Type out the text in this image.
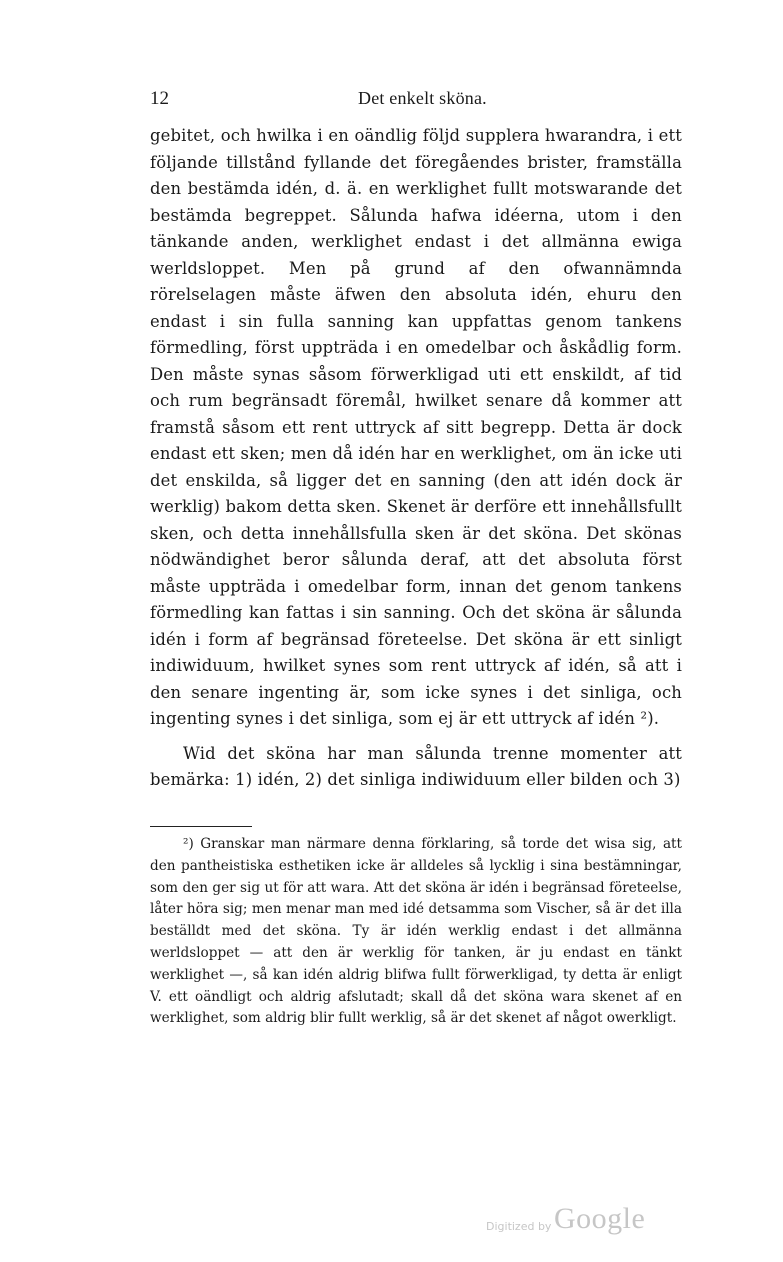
12	Det enkelt sköna.

gebitet, och hwilka i en oändlig följd supplera hwarandra, i ett följande tillstånd fyllande det föregåendes brister, framställa den bestämda idén, d. ä. en werklighet fullt motswarande det bestämda begreppet. Sålunda hafwa idéerna, utom i den tänkande anden, werklighet endast i det allmänna ewiga werldsloppet. Men på grund af den ofwannämnda rörelselagen måste äfwen den absoluta idén, ehuru den endast i sin fulla sanning kan uppfattas genom tankens förmedling, först uppträda i en omedelbar och åskådlig form. Den måste synas såsom förwerkligad uti ett enskildt, af tid och rum begränsadt föremål, hwilket senare då kommer att framstå såsom ett rent uttryck af sitt begrepp. Detta är dock endast ett sken; men då idén har en werklighet, om än icke uti det enskilda, så ligger det en sanning (den att idén dock är werklig) bakom detta sken. Skenet är derföre ett innehållsfullt sken, och detta innehållsfulla sken är det sköna. Det skönas nödwändighet beror sålunda deraf, att det absoluta först måste uppträda i omedelbar form, innan det genom tankens förmedling kan fattas i sin sanning. Och det sköna är sålunda idén i form af begränsad företeelse. Det sköna är ett sinligt indiwiduum, hwilket synes som rent uttryck af idén, så att i den senare ingenting är, som icke synes i det sinliga, och ingenting synes i det sinliga, som ej är ett uttryck af idén ²).

Wid det sköna har man sålunda trenne momenter att bemärka: 1) idén, 2) det sinliga indiwiduum eller bilden och 3)

²) Granskar man närmare denna förklaring, så torde det wisa sig, att den pantheistiska esthetiken icke är alldeles så lycklig i sina bestämningar, som den ger sig ut för att wara. Att det sköna är idén i begränsad företeelse, låter höra sig; men menar man med idé detsamma som Vischer, så är det illa beställdt med det sköna. Ty är idén werklig endast i det allmänna werldsloppet — att den är werklig för tanken, är ju endast en tänkt werklighet —, så kan idén aldrig blifwa fullt förwerkligad, ty detta är enligt V. ett oändligt och aldrig afslutadt; skall då det sköna wara skenet af en werklighet, som aldrig blir fullt werklig, så är det skenet af något owerkligt.

Digitized by Google
